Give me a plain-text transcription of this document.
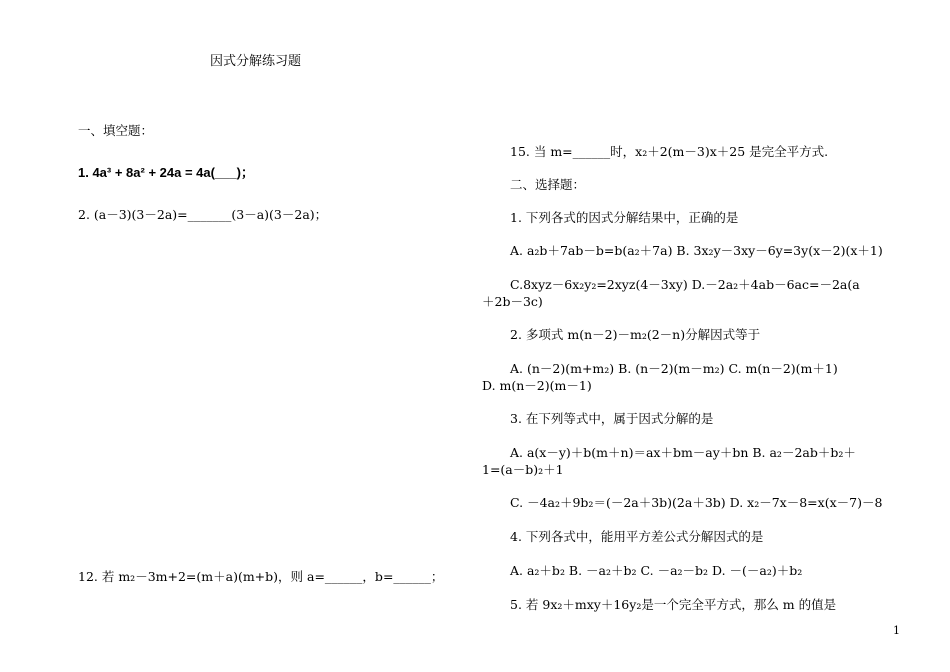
因式分解练习题
一、填空题：
1. 4a³ + 8a² + 24a = 4a(___)；
2. (a－3)(3－2a)=_______(3－a)(3－2a)；
12. 若 m₂－3m+2=(m＋a)(m+b)，则 a=______，b=______；
15. 当 m=______时，x₂＋2(m－3)x＋25 是完全平方式.
二、选择题：
1. 下列各式的因式分解结果中，正确的是
A. a₂b＋7ab－b=b(a₂＋7a) B. 3x₂y－3xy－6y=3y(x－2)(x＋1)
C.8xyz－6x₂y₂=2xyz(4－3xy) D.－2a₂＋4ab－6ac=－2a(a
＋2b－3c)
2. 多项式 m(n－2)－m₂(2－n)分解因式等于
A. (n－2)(m+m₂) B. (n－2)(m－m₂) C. m(n－2)(m＋1)
D. m(n－2)(m－1)
3. 在下列等式中，属于因式分解的是
A. a(x－y)＋b(m＋n)＝ax＋bm－ay＋bn B. a₂－2ab＋b₂＋
1=(a－b)₂＋1
C. －4a₂＋9b₂＝(－2a＋3b)(2a＋3b) D. x₂－7x－8=x(x－7)－8
4. 下列各式中，能用平方差公式分解因式的是
A. a₂＋b₂ B. －a₂＋b₂ C. －a₂－b₂ D. －(－a₂)＋b₂
5. 若 9x₂＋mxy＋16y₂是一个完全平方式，那么 m 的值是
1
